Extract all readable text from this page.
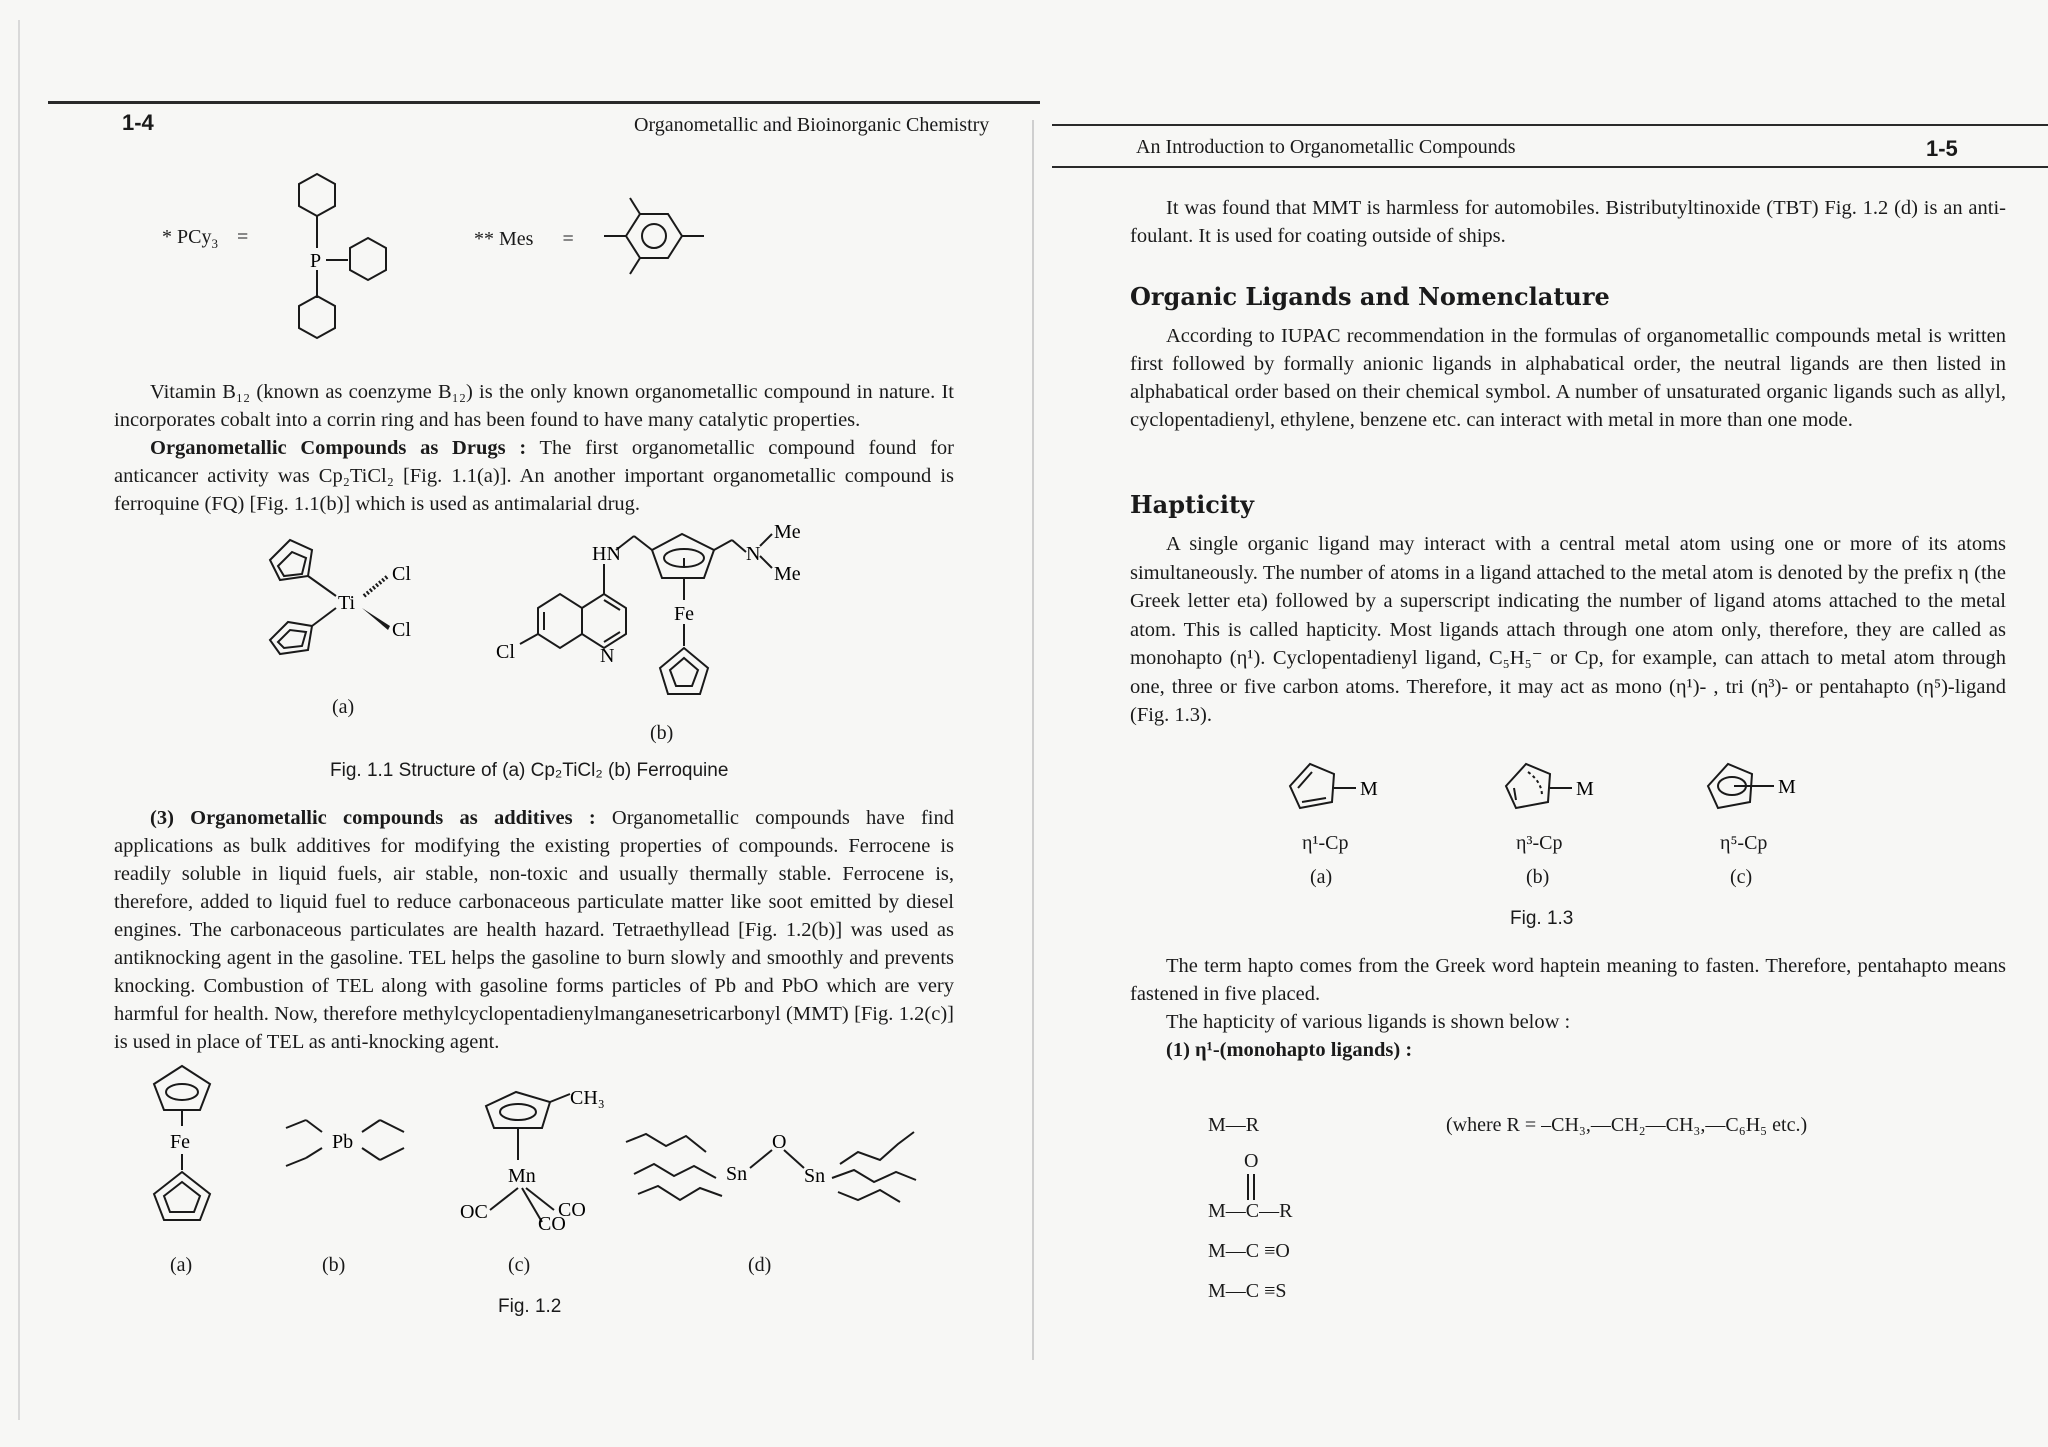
1-4	Organometallic and Bioinorganic Chemistry
* PCy$_3$ =
P
** Mes =

Vitamin B₁₂ (known as coenzyme B₁₂) is the only known organometallic compound in nature. It incorporates cobalt into a corrin ring and has been found to have many catalytic properties.

Organometallic Compounds as Drugs : The first organometallic compound found for anticancer activity was Cp₂TiCl₂ [Fig. 1.1(a)]. An another important organometallic compound is ferroquine (FQ) [Fig. 1.1(b)] which is used as antimalarial drug.

Ti
Cl
Cl
(a)
HN
N
Cl
Fe
N
Me
Me
(b)
Fig. 1.1 Structure of (a) Cp₂TiCl₂ (b) Ferroquine

(3) Organometallic compounds as additives : Organometallic compounds have find applications as bulk additives for modifying the existing properties of compounds. Ferrocene is readily soluble in liquid fuels, air stable, non-toxic and usually thermally stable. Ferrocene is, therefore, added to liquid fuel to reduce carbonaceous particulate matter like soot emitted by diesel engines. The carbonaceous particulates are health hazard. Tetraethyllead [Fig. 1.2(b)] was used as antiknocking agent in the gasoline. TEL helps the gasoline to burn slowly and smoothly and prevents knocking. Combustion of TEL along with gasoline forms particles of Pb and PbO which are very harmful for health. Now, therefore methylcyclopentadienylmanganesetricarbonyl (MMT) [Fig. 1.2(c)] is used in place of TEL as anti-knocking agent.

Fe	Pb
CH₃
Mn
OC	CO
CO
Sn
O
Sn
(a)	(b)	(c)	(d)
Fig. 1.2
An Introduction to Organometallic Compounds	1-5

It was found that MMT is harmless for automobiles. Bistributyltinoxide (TBT) Fig. 1.2 (d) is an anti-foulant. It is used for coating outside of ships.

Organic Ligands and Nomenclature

According to IUPAC recommendation in the formulas of organometallic compounds metal is written first followed by formally anionic ligands in alphabatical order, the neutral ligands are then listed in alphabatical order based on their chemical symbol. A number of unsaturated organic ligands such as allyl, cyclopentadienyl, ethylene, benzene etc. can interact with metal in more than one mode.

Hapticity

A single organic ligand may interact with a central metal atom using one or more of its atoms simultaneously. The number of atoms in a ligand attached to the metal atom is denoted by the prefix η (the Greek letter eta) followed by a superscript indicating the number of ligand atoms attached to the metal atom. This is called hapticity. Most ligands attach through one atom only, therefore, they are called as monohapto (η¹). Cyclopentadienyl ligand, C₅H₅⁻ or Cp, for example, can attach to metal atom through one, three or five carbon atoms. Therefore, it may act as mono (η¹)- , tri (η³)- or pentahapto (η⁵)-ligand (Fig. 1.3).

M	M	M
η¹-Cp	η³-Cp	η⁵-Cp
(a)	(b)	(c)
Fig. 1.3

The term hapto comes from the Greek word haptein meaning to fasten. Therefore, pentahapto means fastened in five placed.

The hapticity of various ligands is shown below :

(1) η¹-(monohapto ligands) :

M—R	(where R = –CH₃,—CH₂—CH₃,—C₆H₅ etc.)
O
M—C—R
M—C ≡O
M—C ≡S
